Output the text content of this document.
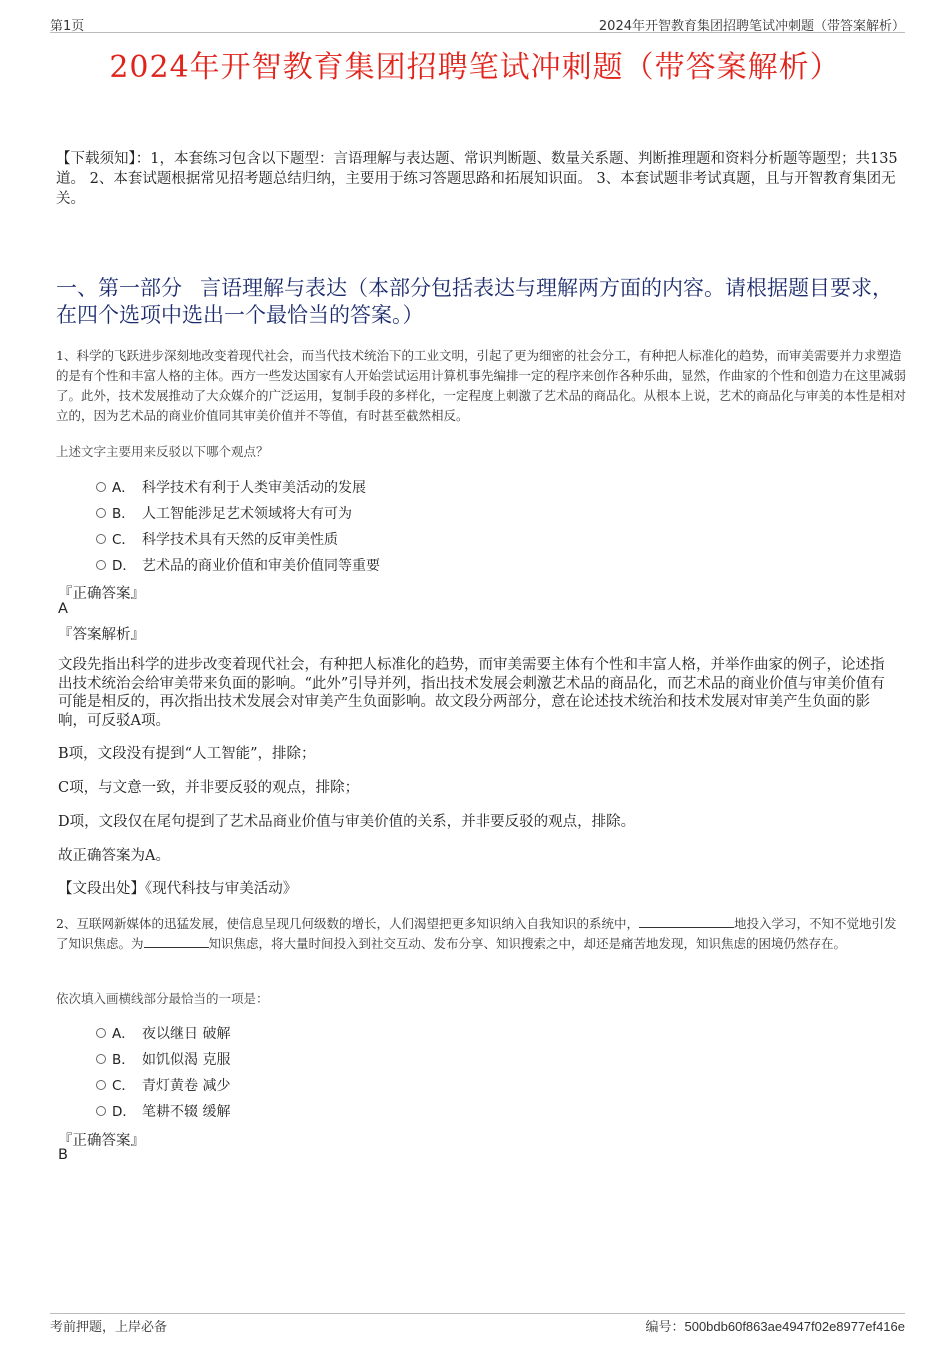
第1页	2024年开智教育集团招聘笔试冲刺题（带答案解析）
2024年开智教育集团招聘笔试冲刺题（带答案解析）
【下载须知】：1，本套练习包含以下题型：言语理解与表达题、常识判断题、数量关系题、判断推理题和资料分析题等题型；共135道。 2、本套试题根据常见招考题总结归纳，主要用于练习答题思路和拓展知识面。 3、本套试题非考试真题，且与开智教育集团无关。
一、第一部分 言语理解与表达（本部分包括表达与理解两方面的内容。请根据题目要求，在四个选项中选出一个最恰当的答案。）
1、科学的飞跃进步深刻地改变着现代社会，而当代技术统治下的工业文明，引起了更为细密的社会分工，有种把人标准化的趋势，而审美需要并力求塑造的是有个性和丰富人格的主体。西方一些发达国家有人开始尝试运用计算机事先编排一定的程序来创作各种乐曲，显然，作曲家的个性和创造力在这里减弱了。此外，技术发展推动了大众媒介的广泛运用，复制手段的多样化，一定程度上刺激了艺术品的商品化。从根本上说，艺术的商品化与审美的本性是相对立的，因为艺术品的商业价值同其审美价值并不等值，有时甚至截然相反。
上述文字主要用来反驳以下哪个观点？
A． 科学技术有利于人类审美活动的发展
B． 人工智能涉足艺术领域将大有可为
C． 科学技术具有天然的反审美性质
D． 艺术品的商业价值和审美价值同等重要
『正确答案』
A
『答案解析』
文段先指出科学的进步改变着现代社会，有种把人标准化的趋势，而审美需要主体有个性和丰富人格，并举作曲家的例子，论述指出技术统治会给审美带来负面的影响。“此外”引导并列，指出技术发展会刺激艺术品的商品化，而艺术品的商业价值与审美价值有可能是相反的，再次指出技术发展会对审美产生负面影响。故文段分两部分，意在论述技术统治和技术发展对审美产生负面的影响，可反驳A项。
B项，文段没有提到“人工智能”，排除；
C项，与文意一致，并非要反驳的观点，排除；
D项，文段仅在尾句提到了艺术品商业价值与审美价值的关系，并非要反驳的观点，排除。
故正确答案为A。
【文段出处】《现代科技与审美活动》
2、互联网新媒体的迅猛发展，使信息呈现几何级数的增长，人们渴望把更多知识纳入自我知识的系统中，	地投入学习，不知不觉地引发了知识焦虑。为	知识焦虑，将大量时间投入到社交互动、发布分享、知识搜索之中，却还是痛苦地发现，知识焦虑的困境仍然存在。
依次填入画横线部分最恰当的一项是：
A． 夜以继日 破解
B． 如饥似渴 克服
C． 青灯黄卷 减少
D． 笔耕不辍 缓解
『正确答案』
B
考前押题，上岸必备	编号：500bdb60f863ae4947f02e8977ef416e
